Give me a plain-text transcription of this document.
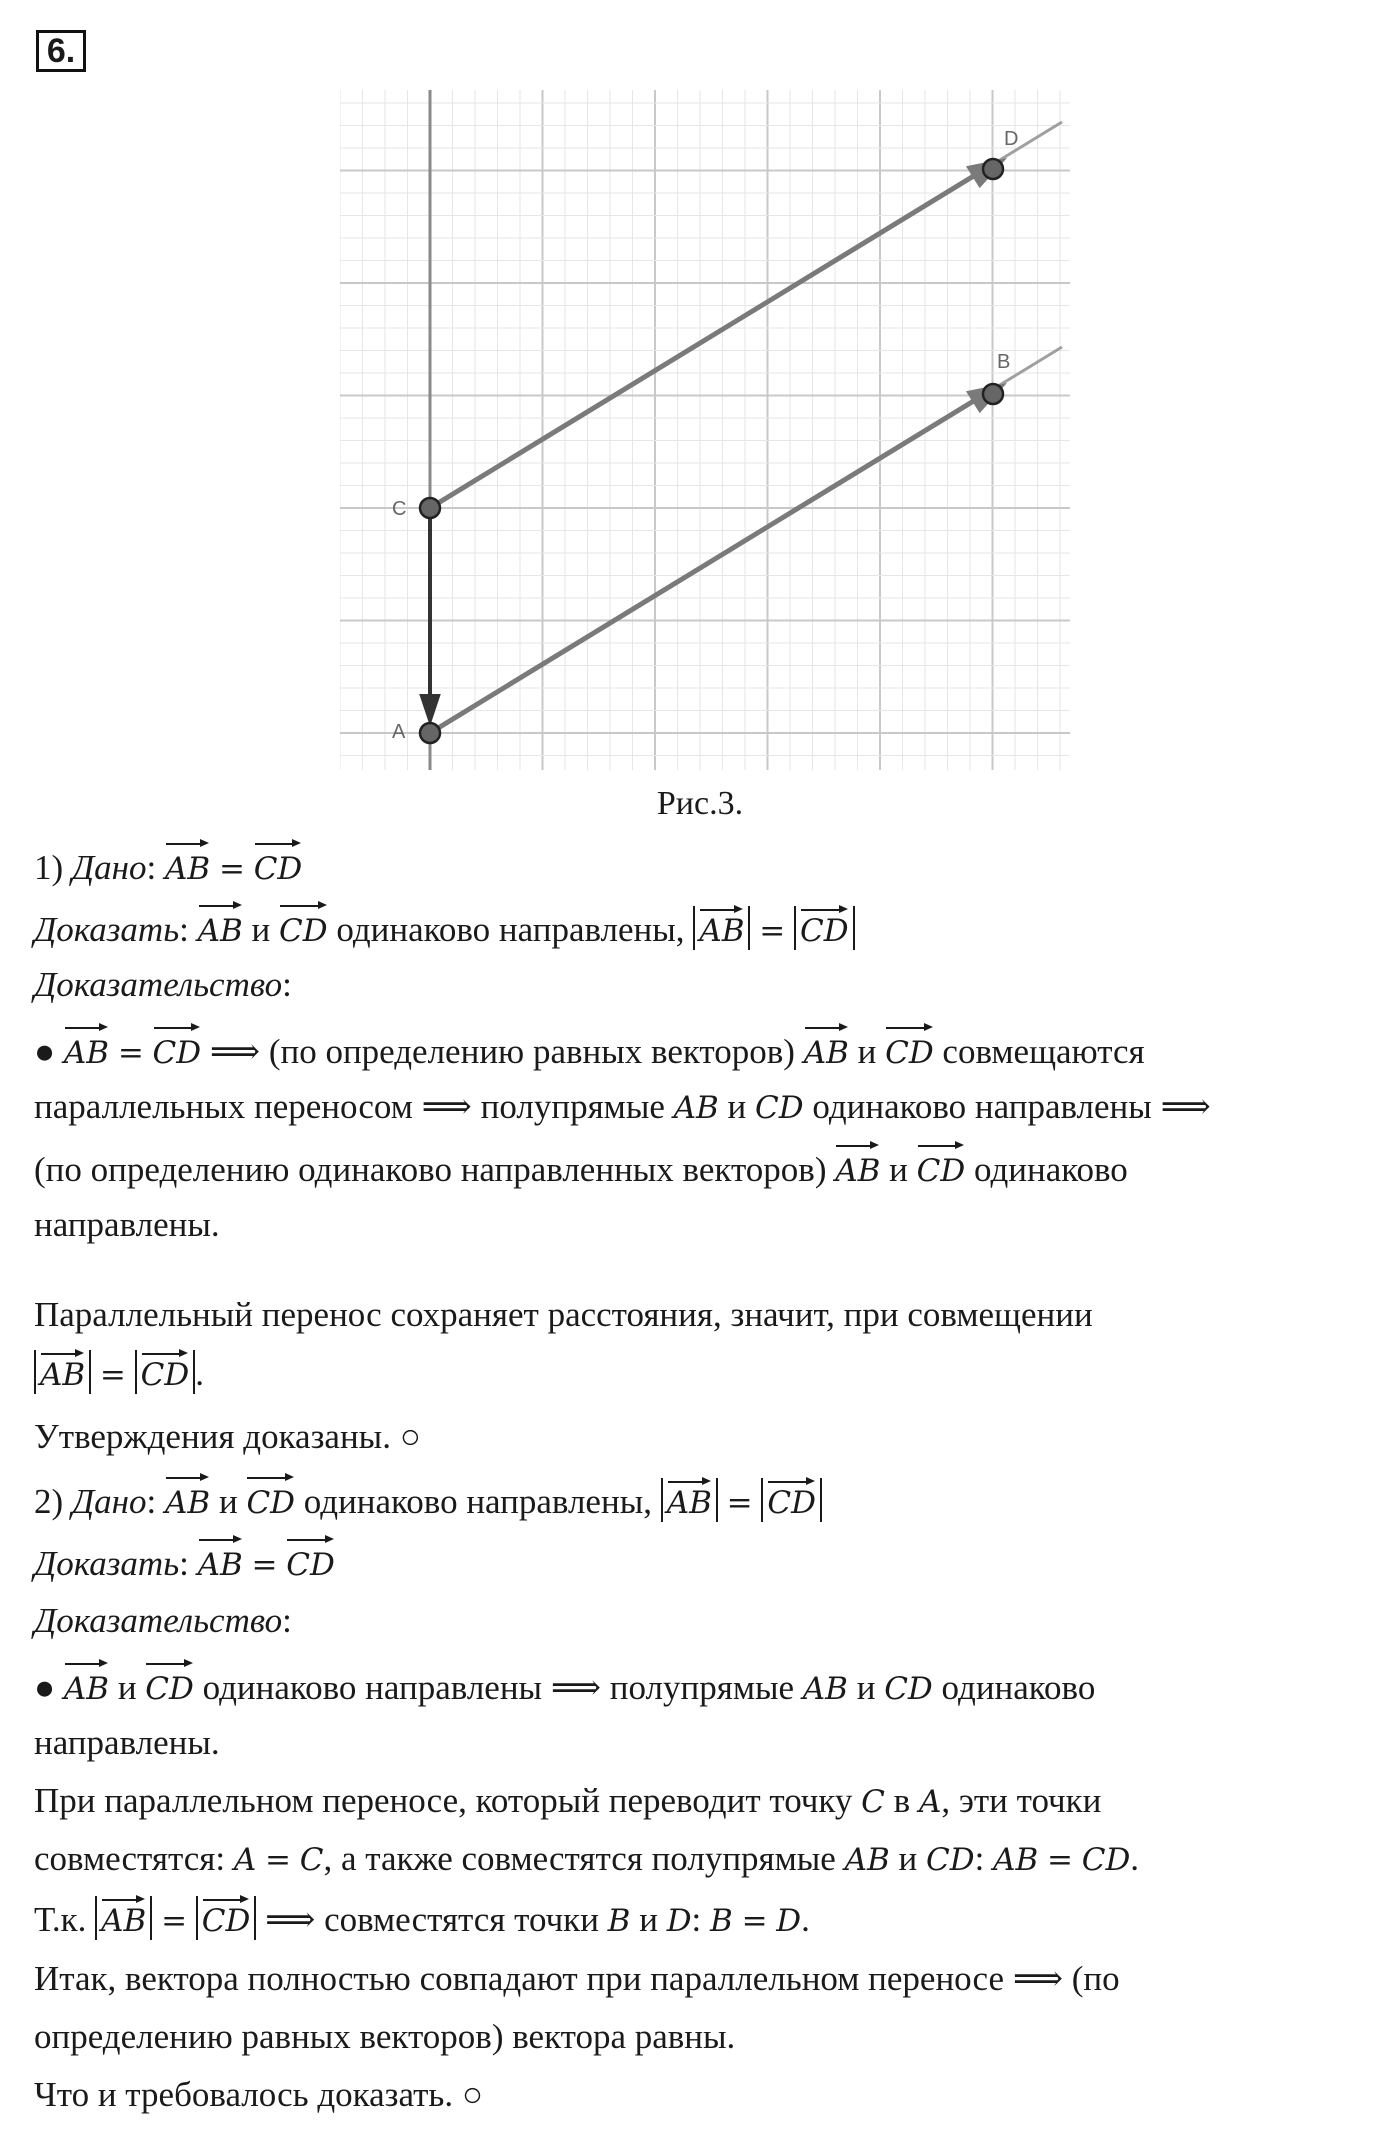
6.
A
B
C
D
Рис.3.
1) Дано: AB = CD
Доказать: AB и CD одинаково направлены, AB = CD
Доказательство:
● AB = CD ⟹ (по определению равных векторов) AB и CD совмещаются
параллельных переносом ⟹ полупрямые AB и CD одинаково направлены ⟹
(по определению одинаково направленных векторов) AB и CD одинаково
направлены.
Параллельный перенос сохраняет расстояния, значит, при совмещении
AB = CD .
Утверждения доказаны. ○
2) Дано: AB и CD одинаково направлены, AB = CD
Доказать: AB = CD
Доказательство:
● AB и CD одинаково направлены ⟹ полупрямые AB и CD одинаково
направлены.
При параллельном переносе, который переводит точку C в A, эти точки
совместятся: A = C, а также совместятся полупрямые AB и CD: AB = CD.
Т.к. AB = CD ⟹ совместятся точки B и D: B = D.
Итак, вектора полностью совпадают при параллельном переносе ⟹ (по
определению равных векторов) вектора равны.
Что и требовалось доказать. ○
